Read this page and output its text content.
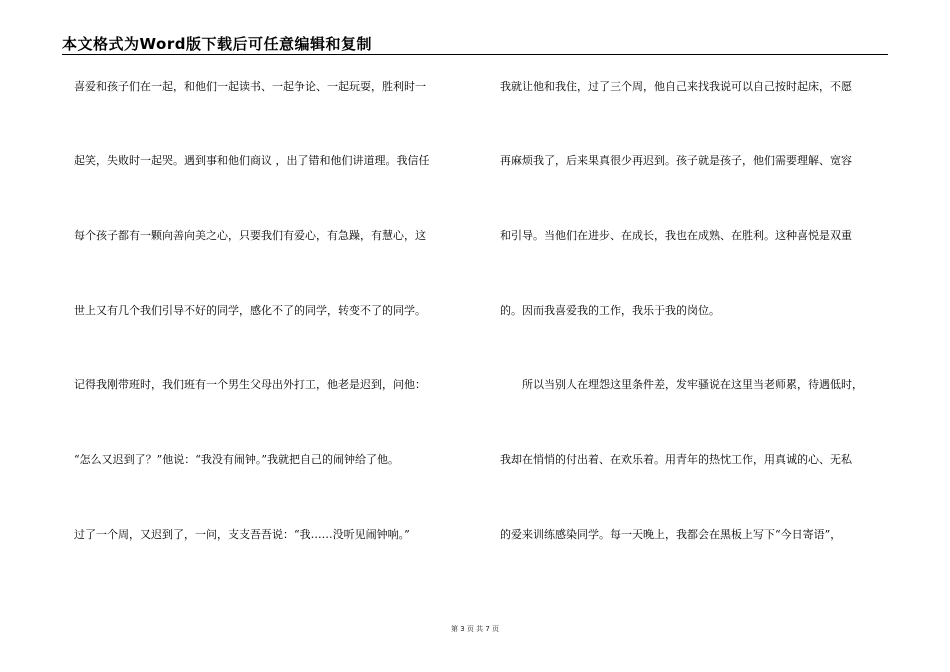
本文格式为Word版下载后可任意编辑和复制
喜爱和孩子们在一起，和他们一起读书、一起争论、一起玩耍，胜利时一
起笑，失败时一起哭。遇到事和他们商议 ，出了错和他们讲道理。我信任
每个孩子都有一颗向善向美之心，只要我们有爱心，有急躁，有慧心，这
世上又有几个我们引导不好的同学，感化不了的同学，转变不了的同学。
记得我刚带班时，我们班有一个男生父母出外打工，他老是迟到，问他：
“怎么又迟到了？”他说：“我没有闹钟。”我就把自己的闹钟给了他。
过了一个周，又迟到了，一问，支支吾吾说：“我……没听见闹钟响。”
我就让他和我住，过了三个周，他自己来找我说可以自己按时起床，不愿
再麻烦我了，后来果真很少再迟到。孩子就是孩子，他们需要理解、宽容
和引导。当他们在进步、在成长，我也在成熟、在胜利。这种喜悦是双重
的。因而我喜爱我的工作，我乐于我的岗位。
　　所以当别人在埋怨这里条件差，发牢骚说在这里当老师累，待遇低时，
我却在悄悄的付出着、在欢乐着。用青年的热忱工作，用真诚的心、无私
的爱来训练感染同学。每一天晚上，我都会在黑板上写下“今日寄语”，
第 3 页 共 7 页
